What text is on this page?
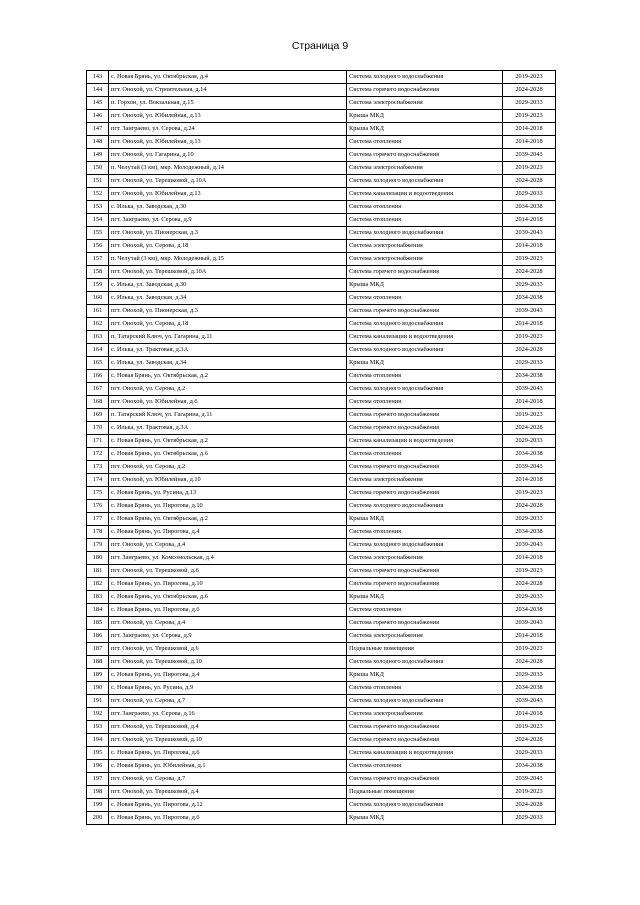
Страница 9
143	с. Новая Брянь, ул. Октябрьская, д.4	Система холодного водоснабжения	2019-2023
144	пгт. Онохой, ул. Строительная, д.14	Система горячего водоснабжения	2024-2028
145	п. Горхон, ул. Вокзальная, д.15	Система электроснабжения	2029-2033
146	пгт. Онохой, ул. Юбилейная, д.13	Крыша МКД	2019-2023
147	пгт. Заиграево, ул. Серова, д.24	Крыша МКД	2014-2018
148	пгт. Онохой, ул. Юбилейная, д.13	Система отопления	2014-2018
149	пгт. Онохой, ул. Гагарина, д.10	Система горячего водоснабжения	2039-2043
150	п. Челутай (3 км), мкр. Молодежный, д.14	Система электроснабжения	2019-2023
151	пгт. Онохой, ул. Терешковой, д.10А	Система холодного водоснабжения	2024-2028
152	пгт. Онохой, ул. Юбилейная, д.13	Система канализации и водоотведения	2029-2033
153	с. Илька, ул. Заводская, д.30	Система отопления	2034-2038
154	пгт. Заиграево, ул. Серова, д.9	Система отопления	2014-2018
155	пгт. Онохой, ул. Пионерская, д.3	Система холодного водоснабжения	2039-2043
156	пгт. Онохой, ул. Серова, д.18	Система электроснабжения	2014-2018
157	п. Челутай (3 км), мкр. Молодежный, д.15	Система электроснабжения	2019-2023
158	пгт. Онохой, ул. Терешковой, д.10А	Система горячего водоснабжения	2024-2028
159	с. Илька, ул. Заводская, д.30	Крыша МКД	2029-2033
160	с. Илька, ул. Заводская, д.34	Система отопления	2034-2038
161	пгт. Онохой, ул. Пионерская, д.3	Система горячего водоснабжения	2039-2043
162	пгт. Онохой, ул. Серова, д.18	Система холодного водоснабжения	2014-2018
163	п. Татарский Ключ, ул. Гагарина, д.11	Система канализации и водоотведения	2019-2023
164	с. Илька, ул. Трактовая, д.3А	Система холодного водоснабжения	2024-2028
165	с. Илька, ул. Заводская, д.34	Крыша МКД	2029-2033
166	с. Новая Брянь, ул. Октябрьская, д.2	Система отопления	2034-2038
167	пгт. Онохой, ул. Серова, д.2	Система холодного водоснабжения	2039-2043
168	пгт. Онохой, ул. Юбилейная, д.6	Система отопления	2014-2018
169	п. Татарский Ключ, ул. Гагарина, д.11	Система горячего водоснабжения	2019-2023
170	с. Илька, ул. Трактовая, д.3А	Система горячего водоснабжения	2024-2028
171	с. Новая Брянь, ул. Октябрьская, д.2	Система канализации и водоотведения	2029-2033
172	с. Новая Брянь, ул. Октябрьская, д.6	Система отопления	2034-2038
173	пгт. Онохой, ул. Серова, д.2	Система горячего водоснабжения	2039-2043
174	пгт. Онохой, ул. Юбилейная, д.10	Система электроснабжения	2014-2018
175	с. Новая Брянь, ул. Русина, д.13	Система горячего водоснабжения	2019-2023
176	с. Новая Брянь, ул. Пирогова, д.10	Система холодного водоснабжения	2024-2028
177	с. Новая Брянь, ул. Октябрьская, д.2	Крыша МКД	2029-2033
178	с. Новая Брянь, ул. Пирогова, д.4	Система отопления	2034-2038
179	пгт. Онохой, ул. Серова, д.4	Система холодного водоснабжения	2039-2043
180	пгт. Заиграево, ул. Комсомольская, д.4	Система электроснабжения	2014-2018
181	пгт. Онохой, ул. Терешковой, д.6	Система горячего водоснабжения	2019-2023
182	с. Новая Брянь, ул. Пирогова, д.10	Система горячего водоснабжения	2024-2028
183	с. Новая Брянь, ул. Октябрьская, д.6	Крыша МКД	2029-2033
184	с. Новая Брянь, ул. Пирогова, д.6	Система отопления	2034-2038
185	пгт. Онохой, ул. Серова, д.4	Система горячего водоснабжения	2039-2043
186	пгт. Заиграево, ул. Серова, д.9	Система электроснабжения	2014-2018
187	пгт. Онохой, ул. Терешковой, д.6	Подвальные помещения	2019-2023
188	пгт. Онохой, ул. Терешковой, д.10	Система холодного водоснабжения	2024-2028
189	с. Новая Брянь, ул. Пирогова, д.4	Крыша МКД	2029-2033
190	с. Новая Брянь, ул. Русина, д.9	Система отопления	2034-2038
191	пгт. Онохой, ул. Серова, д.7	Система холодного водоснабжения	2039-2043
192	пгт. Заиграево, ул. Серова, д.16	Система электроснабжения	2014-2018
193	пгт. Онохой, ул. Терешковой, д.4	Система горячего водоснабжения	2019-2023
194	пгт. Онохой, ул. Терешковой, д.10	Система горячего водоснабжения	2024-2028
195	с. Новая Брянь, ул. Пирогова, д.6	Система канализации и водоотведения	2029-2033
196	с. Новая Брянь, ул. Юбилейная, д.1	Система отопления	2034-2038
197	пгт. Онохой, ул. Серова, д.7	Система горячего водоснабжения	2039-2043
198	пгт. Онохой, ул. Терешковой, д.4	Подвальные помещения	2019-2023
199	с. Новая Брянь, ул. Пирогова, д.12	Система холодного водоснабжения	2024-2028
200	с. Новая Брянь, ул. Пирогова, д.6	Крыша МКД	2029-2033
